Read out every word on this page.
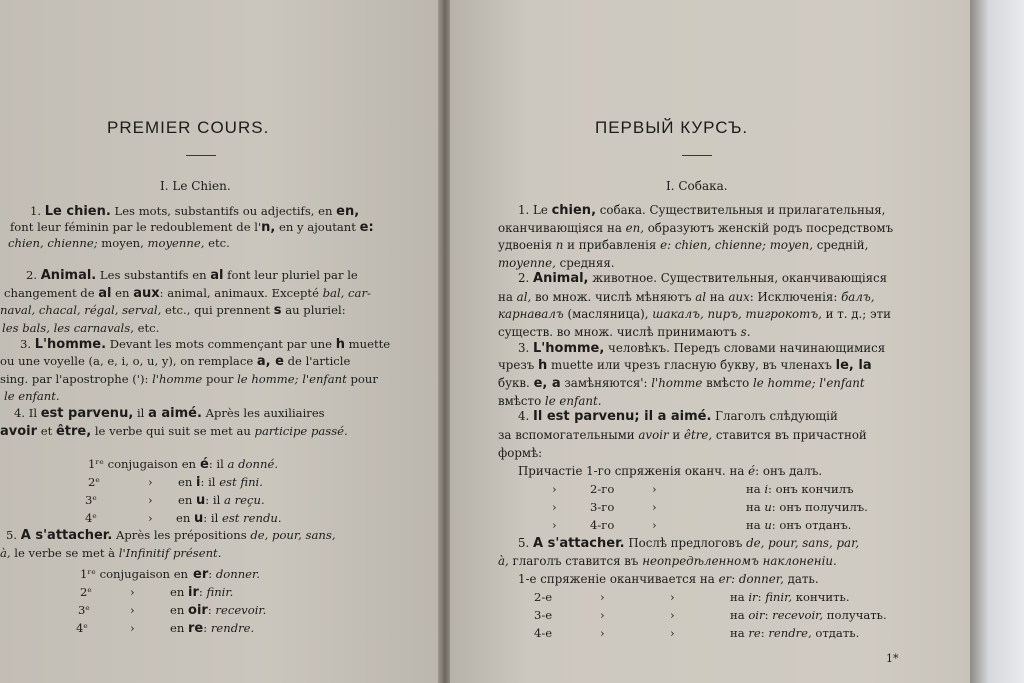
PREMIER COURS.
I. Le Chien.
1. Le chien. Les mots, substantifs ou adjectifs, en en,
font leur féminin par le redoublement de l'n, en y ajoutant e:
chien, chienne; moyen, moyenne, etc.
2. Animal. Les substantifs en al font leur pluriel par le
changement de al en aux: animal, animaux. Excepté bal, car-
naval, chacal, régal, serval, etc., qui prennent s au pluriel:
les bals, les carnavals, etc.
3. L'homme. Devant les mots commençant par une h muette
ou une voyelle (a, e, i, o, u, y), on remplace a, e de l'article
sing. par l'apostrophe ('): l'homme pour le homme; l'enfant pour
le enfant.
4. Il est parvenu, il a aimé. Après les auxiliaires
avoir et être, le verbe qui suit se met au participe passé.
1ʳᵉ conjugaison en é: il a donné.
2ᵉ	› en i: il est fini.
3ᵉ	› en u: il a reçu.
4ᵉ	› en u: il est rendu.
5. A s'attacher. Après les prépositions de, pour, sans,
à, le verbe se met à l'Infinitif présent.
1ʳᵉ conjugaison en er: donner.
2ᵉ	›	en ir: finir.
3ᵉ	›	en oir: recevoir.
4ᵉ	›	en re: rendre.
ПЕРВЫЙ КУРСЪ.
I. Собака.
1. Le chien, собака. Существительныя и прилагательныя,
оканчивающіяся на en, образуютъ женскій родъ посредствомъ
удвоенія n и прибавленія e: chien, chienne; moyen, средній,
moyenne, средняя.
2. Animal, животное. Существительныя, оканчивающіяся
на al, во множ. числѣ мѣняютъ al на aux: Исключенія: балъ,
карнавалъ (масляница), шакалъ, пиръ, тигрокотъ, и т. д.; эти
существ. во множ. числѣ принимаютъ s.
3. L'homme, человѣкъ. Передъ словами начинающимися
чрезъ h muette или чрезъ гласную букву, въ членахъ le, la
букв. e, a замѣняются': l'homme вмѣсто le homme; l'enfant
вмѣсто le enfant.
4. Il est parvenu; il a aimé. Глаголъ слѣдующій
за вспомогательными avoir и être, ставится въ причастной
формѣ:
Причастіе 1-го спряженія оканч. на é: онъ далъ.
›	2-го	›	на i: онъ кончилъ
›	3-го	›	на u: онъ получилъ.
›	4-го	›	на u: онъ отданъ.
5. A s'attacher. Послѣ предлоговъ de, pour, sans, par,
à, глаголъ ставится въ неопредѣленномъ наклоненіи.
1-е спряженіе оканчивается на er: donner, дать.
2-е	›	›	на ir: finir, кончить.
3-е	›	›	на oir: recevoir, получать.
4-е	›	›	на re: rendre, отдать.
1*
